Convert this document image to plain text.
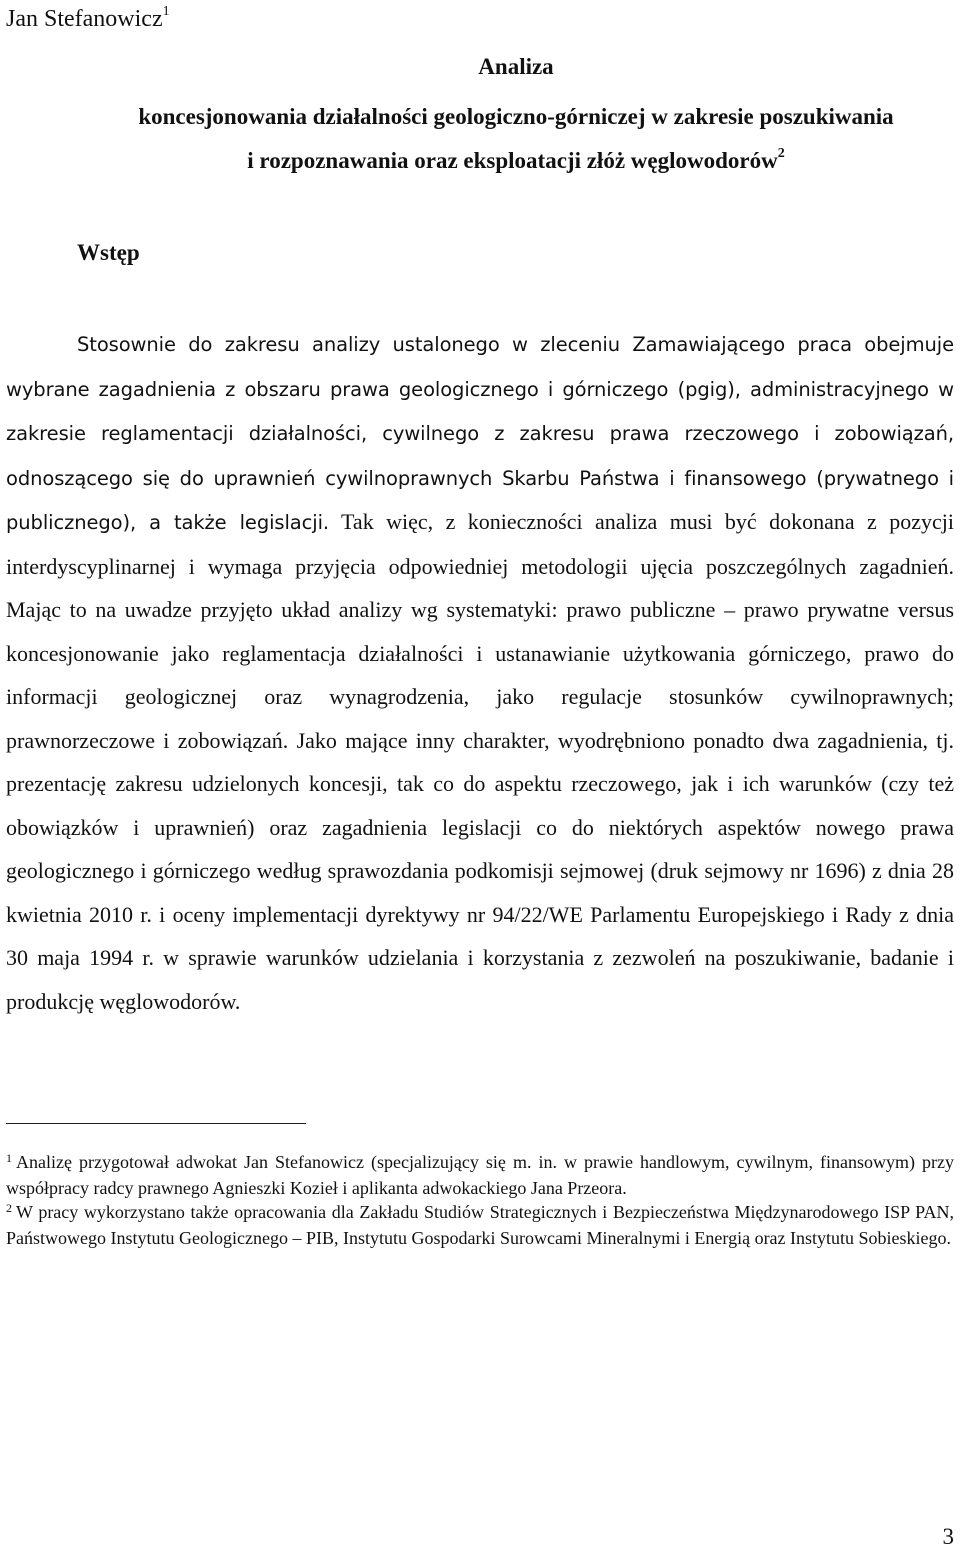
Jan Stefanowicz$^1$
Analiza
koncesjonowania działalności geologiczno-górniczej w zakresie poszukiwania
i rozpoznawania oraz eksploatacji złóż węglowodorów$^2$
Wstęp

Stosownie do zakresu analizy ustalonego w zleceniu Zamawiającego praca obejmuje wybrane zagadnienia z obszaru prawa geologicznego i górniczego (pgig), administracyjnego w zakresie reglamentacji działalności, cywilnego z zakresu prawa rzeczowego i zobowiązań, odnoszącego się do uprawnień cywilnoprawnych Skarbu Państwa i finansowego (prywatnego i publicznego), a także legislacji. Tak więc, z konieczności analiza musi być dokonana z pozycji interdyscyplinarnej i wymaga przyjęcia odpowiedniej metodologii ujęcia poszczególnych zagadnień. Mając to na uwadze przyjęto układ analizy wg systematyki: prawo publiczne – prawo prywatne versus koncesjonowanie jako reglamentacja działalności i ustanawianie użytkowania górniczego, prawo do informacji geologicznej oraz wynagrodzenia, jako regulacje stosunków cywilnoprawnych; prawnorzeczowe i zobowiązań. Jako mające inny charakter, wyodrębniono ponadto dwa zagadnienia, tj. prezentację zakresu udzielonych koncesji, tak co do aspektu rzeczowego, jak i ich warunków (czy też obowiązków i uprawnień) oraz zagadnienia legislacji co do niektórych aspektów nowego prawa geologicznego i górniczego według sprawozdania podkomisji sejmowej (druk sejmowy nr 1696) z dnia 28 kwietnia 2010 r. i oceny implementacji dyrektywy nr 94/22/WE Parlamentu Europejskiego i Rady z dnia 30 maja 1994 r. w sprawie warunków udzielania i korzystania z zezwoleń na poszukiwanie, badanie i produkcję węglowodorów.

$^1$ Analizę przygotował adwokat Jan Stefanowicz (specjalizujący się m. in. w prawie handlowym, cywilnym, finansowym) przy współpracy radcy prawnego Agnieszki Kozieł i aplikanta adwokackiego Jana Przeora.

$^2$ W pracy wykorzystano także opracowania dla Zakładu Studiów Strategicznych i Bezpieczeństwa Międzynarodowego ISP PAN, Państwowego Instytutu Geologicznego – PIB, Instytutu Gospodarki Surowcami Mineralnymi i Energią oraz Instytutu Sobieskiego.

3
